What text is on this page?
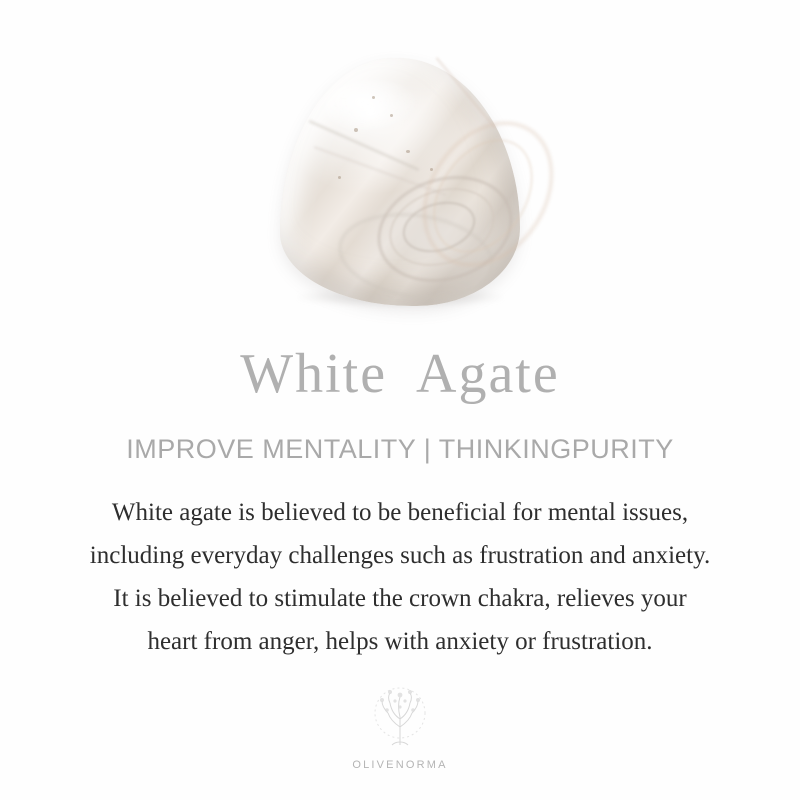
White  Agate
IMPROVE MENTALITY | THINKINGPURITY
White agate is believed to be beneficial for mental issues,
including everyday challenges such as frustration and anxiety.
It is believed to stimulate the crown chakra, relieves your
heart from anger, helps with anxiety or frustration.
OLIVENORMA
